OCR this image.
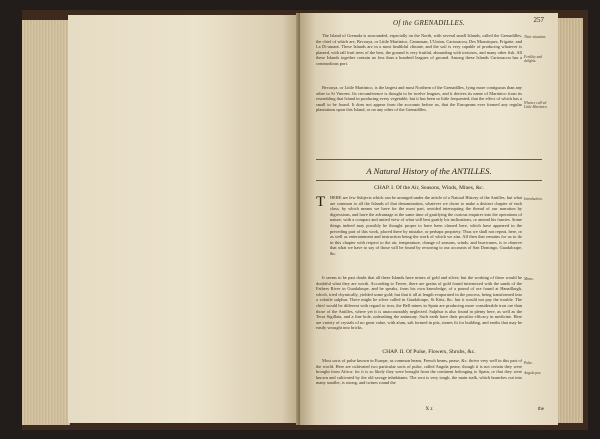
Of the GRENADILLES.	257
The Island of Grenada is surrounded, especially on the North, with several small Islands, called the Grenadilles, the chief of which are, Becouya, or Little Martinico, Cannouan, L'Union, Cariouacou, Des Moustiques, Frigatte, and La Di-amant. These Islands are in a most healthful climate, and the soil is very capable of producing whatever is planted, with tall fruit trees of the best, the ground is very fruitful, abounding with tortoises, and many other fish. All these Islands together contain no less than a hundred leagues of ground. Among these Islands Cariouacou has a commodious port.
Their situation.
Fertility and delights.
Becouya, or Little Martinico, is the largest and most Northern of the Grenadilles, lying more contiguous than any other to St Vincent. Its circumference is thought to be twelve leagues, and it derives its name of Martinico from its resembling that Island in producing every vegetable; but it has been so little frequented, that the effect of which has a small to be found. It does not appear from the accounts before us, that the Europeans ever formed any regular plantations upon this Island, or on any other of the Grenadilles.
Whence call-ed Little Martinico.
A Natural History of the ANTILLES.
CHAP. I. Of the Air, Seasons, Winds, Mines, &c.
T HERE are few Subjects which can be arranged under the article of a Natural History of the Antilles, but what are common to all the Islands of that denomination, whatever we chose to make a distinct chapter of each class, by which means we have for the most part, avoided interrupting the thread of our narration by digressions, and have the advantage at the same time of gratifying the curious enquirer into the operations of nature, with a compact and united view of what will best gratify his inclinations, or amend his fancies. Some things indeed may possibly be thought proper to have been classed here, which have appeared in the preceding part of this work, placed there by mistake, or perhaps propriety. Thus we shall not repeat, here, or as well as entertainment and instruction being the work of which we aim. All then that remains for us to do in this chapter with respect to the air, temperature, change of seasons, winds, and hurricanes, is to observe that what we have to say of those will be found by recurring to our accounts of San Domingo, Guadaloupe, &c.
Introduction.
It seems to be past doubt that all these Islands have mines of gold and silver; but the working of these would be doubtful what they are worth. According to Terree, there are grains of gold found intermixed with the sands of the Fathers River in Guadaloupe, and he speaks, from his own knowledge, of a pound of ore found at Hanaillargh, which, tried chymically, yielded some gold; but that it all at length evaporated in the process, being transformed into a volatile sulphur. There might be silver called in Guadaloupe, St Kitts, &c. but it would not pay the trouble. The chief would be different with regard to iron, the Bell mines in Spain are producing more considerable iron ore than those of the Antilles, where yet it is unaccountably neglected. Sulphur is also found in plenty here, as well as the Terra Sigillata, and a fine bole, unleashing the antimony. Such earth have their peculiar efficacy in medicine. Here are variety of crystals of no great value, with alum, salt formed in pits, stones fit for building, and earths that may be easily wrought into bricks.
Mines.
CHAP. II. Of Pulse, Flowers, Shrubs, &c.
Most sorts of pulse known in Europe, as common beans, French beans, pease, &c. thrive very well in this part of the world. Here are cultivated two particular sorts of pulse, called Angola pease, though it is not certain they were brought from Africa: for it is so likely they were brought from the continent belonging to Spain, or that they were known and cultivated by the old savage inhabitants. The root is very tough, the main stalk, which branches out into many smaller, is strong, and twines round the
Pulse.
Angola pea.
X z	the
